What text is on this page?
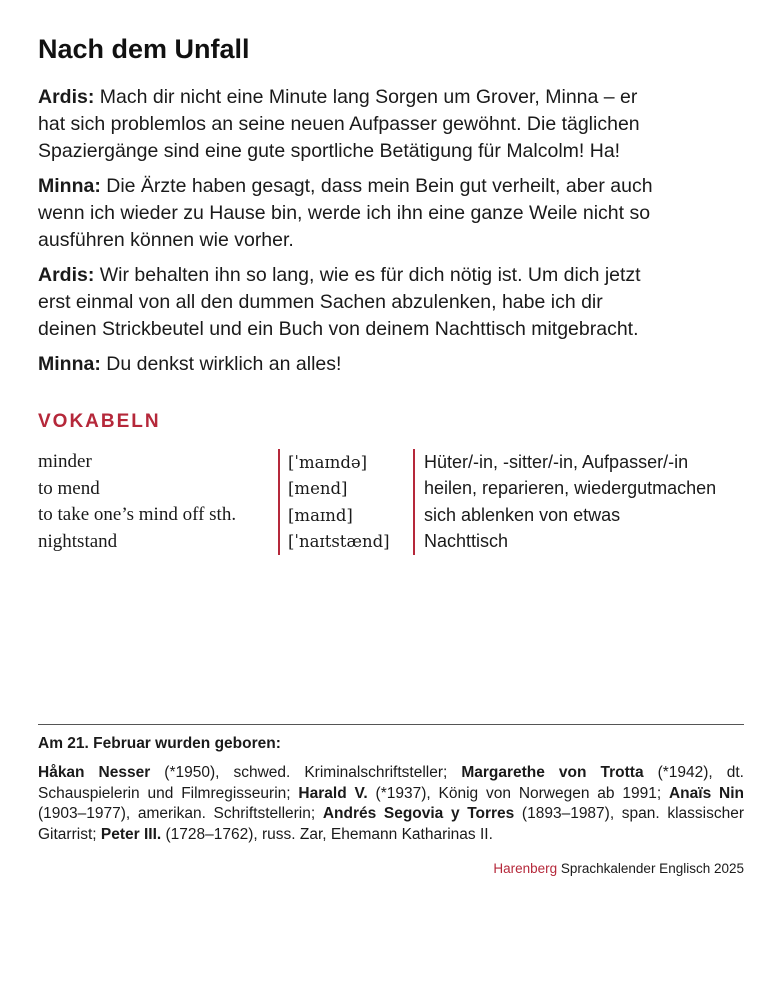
Nach dem Unfall
Ardis: Mach dir nicht eine Minute lang Sorgen um Grover, Minna – er
hat sich problemlos an seine neuen Aufpasser gewöhnt. Die täglichen
Spaziergänge sind eine gute sportliche Betätigung für Malcolm! Ha!
Minna: Die Ärzte haben gesagt, dass mein Bein gut verheilt, aber auch
wenn ich wieder zu Hause bin, werde ich ihn eine ganze Weile nicht so
ausführen können wie vorher.
Ardis: Wir behalten ihn so lang, wie es für dich nötig ist. Um dich jetzt
erst einmal von all den dummen Sachen abzulenken, habe ich dir
deinen Strickbeutel und ein Buch von deinem Nachttisch mitgebracht.
Minna: Du denkst wirklich an alles!
VOKABELN
minder	[ˈmaɪndə]	Hüter/-in, -sitter/-in, Aufpasser/-in
to mend	[mend]	heilen, reparieren, wiedergutmachen
to take one’s mind off sth.	[maɪnd]	sich ablenken von etwas
nightstand	[ˈnaɪtstænd]	Nachttisch
Am 21. Februar wurden geboren:
Håkan Nesser (*1950), schwed. Kriminalschriftsteller; Margarethe von Trotta (*1942), dt.
Schauspielerin und Filmregisseurin; Harald V. (*1937), König von Norwegen ab 1991; Anaïs Nin
(1903–1977), amerikan. Schriftstellerin; Andrés Segovia y Torres (1893–1987), span. klassischer
Gitarrist; Peter III. (1728–1762), russ. Zar, Ehemann Katharinas II.
Harenberg Sprachkalender Englisch 2025
